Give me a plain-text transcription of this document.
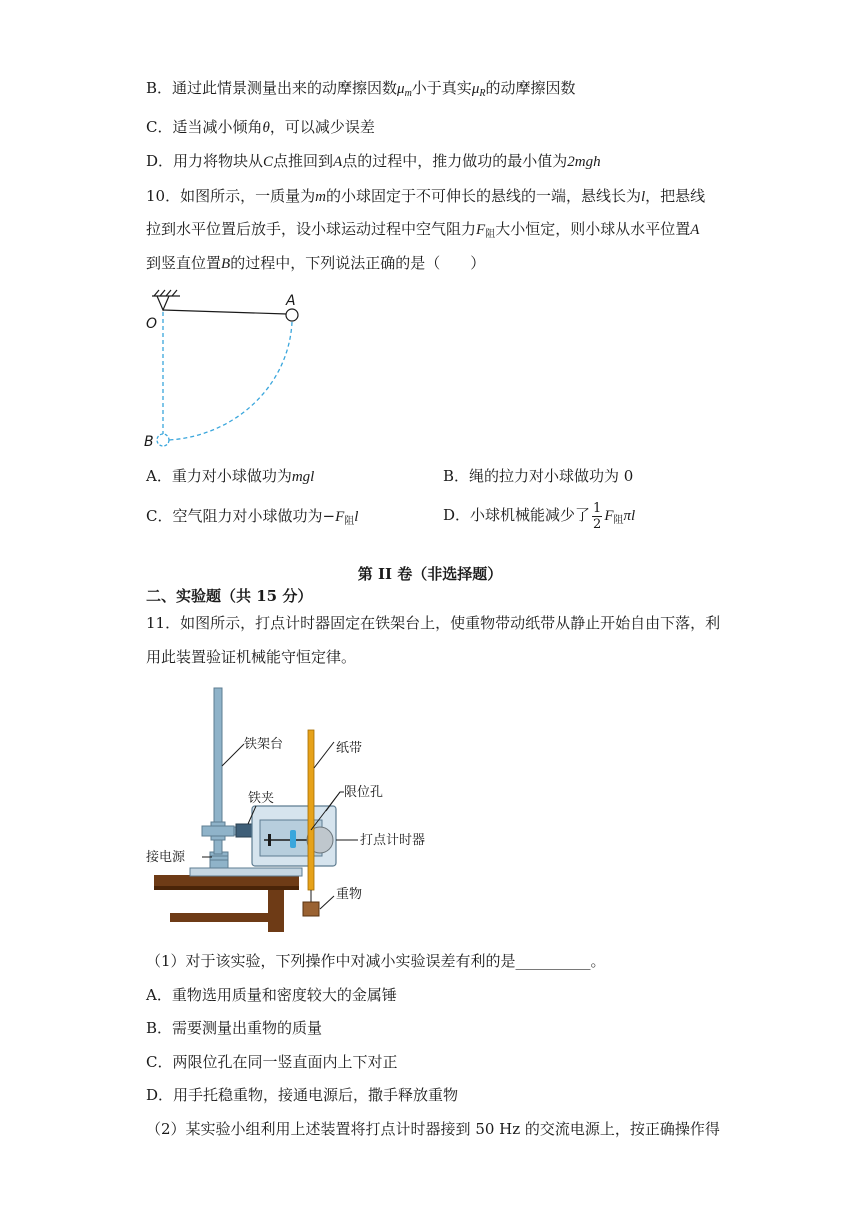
B．通过此情景测量出来的动摩擦因数$\mu_m$小于真实$\mu_R$的动摩擦因数
C．适当减小倾角θ，可以减少误差
D．用力将物块从C点推回到A点的过程中，推力做功的最小值为2mgh
10．如图所示，一质量为m的小球固定于不可伸长的悬线的一端，悬线长为l，把悬线
拉到水平位置后放手，设小球运动过程中空气阻力$F_阻$大小恒定，则小球从水平位置A
到竖直位置B的过程中，下列说法正确的是（　　）
O
A
B
A．重力对小球做功为mgl	B．绳的拉力对小球做功为 0
C．空气阻力对小球做功为$-F_阻l$	D．小球机械能减少了 $\frac{1}{2} F_阻\pi l$
第 II 卷（非选择题）
二、实验题（共 15 分）
11．如图所示，打点计时器固定在铁架台上，使重物带动纸带从静止开始自由下落，利
用此装置验证机械能守恒定律。
铁架台	纸带
铁夹	限位孔
打点计时器
接电源
重物
（1）对于该实验，下列操作中对减小实验误差有利的是__________。
A．重物选用质量和密度较大的金属锤
B．需要测量出重物的质量
C．两限位孔在同一竖直面内上下对正
D．用手托稳重物，接通电源后，撒手释放重物
（2）某实验小组利用上述装置将打点计时器接到 50 Hz 的交流电源上，按正确操作得
